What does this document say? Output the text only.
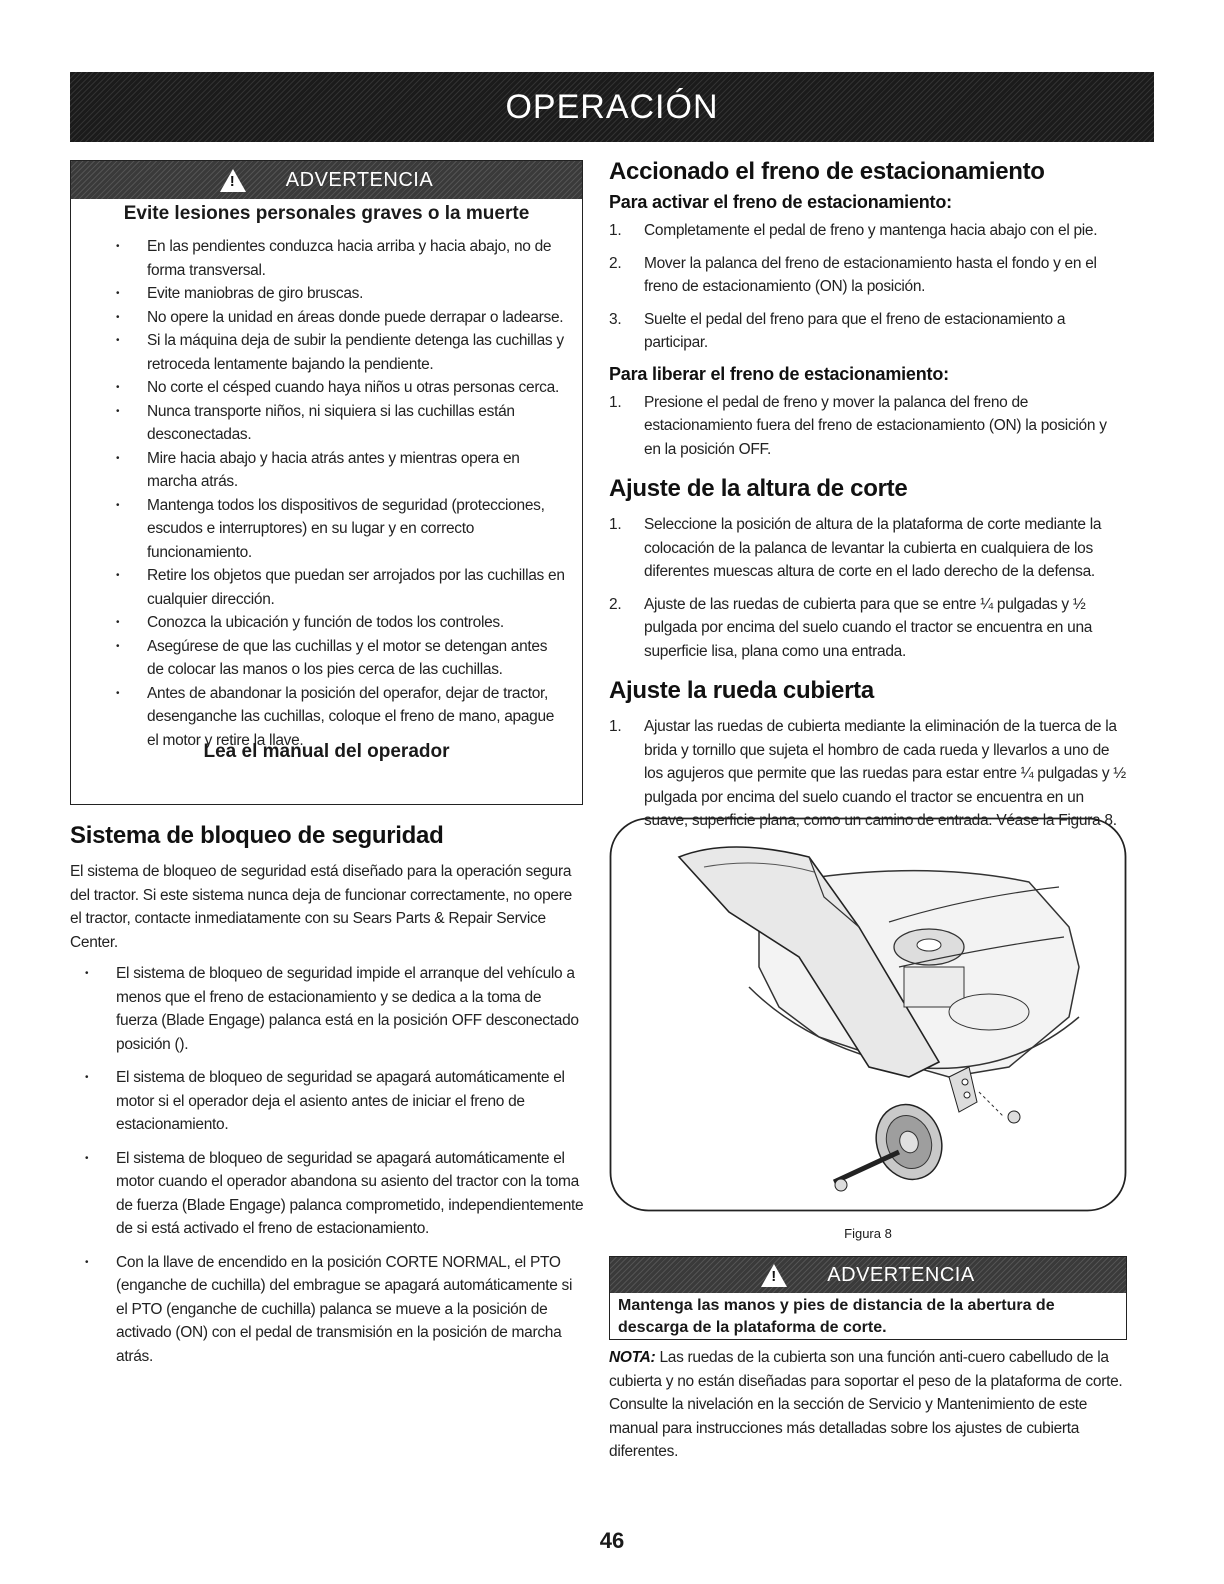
OPERACIÓN
!
ADVERTENCIA
Evite lesiones personales graves o la muerte
• En las pendientes conduzca hacia arriba y hacia abajo, no de forma transversal.
• Evite maniobras de giro bruscas.
• No opere la unidad en áreas donde puede derrapar o ladearse.
• Si la máquina deja de subir la pendiente detenga las cuchillas y retroceda lentamente bajando la pendiente.
• No corte el césped cuando haya niños u otras personas cerca.
• Nunca transporte niños, ni siquiera si las cuchillas están desconectadas.
• Mire hacia abajo y hacia atrás antes y mientras opera en marcha atrás.
• Mantenga todos los dispositivos de seguridad (protecciones, escudos e interruptores) en su lugar y en correcto funcionamiento.
• Retire los objetos que puedan ser arrojados por las cuchillas en cualquier dirección.
• Conozca la ubicación y función de todos los controles.
• Asegúrese de que las cuchillas y el motor se detengan antes de colocar las manos o los pies cerca de las cuchillas.
• Antes de abandonar la posición del operafor, dejar de tractor, desenganche las cuchillas, coloque el freno de mano, apague el motor y retire la llave.
Lea el manual del operador
Sistema de bloqueo de seguridad

El sistema de bloqueo de seguridad está diseñado para la operación segura del tractor. Si este sistema nunca deja de funcionar correctamente, no opere el tractor, contacte inmediatamente con su Sears Parts & Repair Service Center.

• El sistema de bloqueo de seguridad impide el arranque del vehículo a menos que el freno de estacionamiento y se dedica a la toma de fuerza (Blade Engage) palanca está en la posición OFF desconectado posición ().
• El sistema de bloqueo de seguridad se apagará automáticamente el motor si el operador deja el asiento antes de iniciar el freno de estacionamiento.
• El sistema de bloqueo de seguridad se apagará automáticamente el motor cuando el operador abandona su asiento del tractor con la toma de fuerza (Blade Engage) palanca comprometido, independientemente de si está activado el freno de estacionamiento.
• Con la llave de encendido en la posición CORTE NORMAL, el PTO (enganche de cuchilla) del embrague se apagará automáticamente si el PTO (enganche de cuchilla) palanca se mueve a la posición de activado (ON) con el pedal de transmisión en la posición de marcha atrás.
Accionado el freno de estacionamiento
Para activar el freno de estacionamiento:
1. Completamente el pedal de freno y mantenga hacia abajo con el pie.
2. Mover la palanca del freno de estacionamiento hasta el fondo y en el freno de estacionamiento (ON) la posición.
3. Suelte el pedal del freno para que el freno de estacionamiento a participar.
Para liberar el freno de estacionamiento:
1. Presione el pedal de freno y mover la palanca del freno de estacionamiento fuera del freno de estacionamiento (ON) la posición y en la posición OFF.
Ajuste de la altura de corte
1. Seleccione la posición de altura de la plataforma de corte mediante la colocación de la palanca de levantar la cubierta en cualquiera de los diferentes muescas altura de corte en el lado derecho de la defensa.
2. Ajuste de las ruedas de cubierta para que se entre ¼ pulgadas y ½ pulgada por encima del suelo cuando el tractor se encuentra en una superficie lisa, plana como una entrada.
Ajuste la rueda cubierta
1. Ajustar las ruedas de cubierta mediante la eliminación de la tuerca de la brida y tornillo que sujeta el hombro de cada rueda y llevarlos a uno de los agujeros que permite que las ruedas para estar entre ¼ pulgadas y ½ pulgada por encima del suelo cuando el tractor se encuentra en un suave, superficie plana, como un camino de entrada. Véase la Figura 8.
Figura 8
!
ADVERTENCIA
Mantenga las manos y pies de distancia de la abertura de descarga de la plataforma de corte.

NOTA: Las ruedas de la cubierta son una función anti-cuero cabelludo de la cubierta y no están diseñadas para soportar el peso de la plataforma de corte. Consulte la nivelación en la sección de Servicio y Mantenimiento de este manual para instrucciones más detalladas sobre los ajustes de cubierta diferentes.

46
